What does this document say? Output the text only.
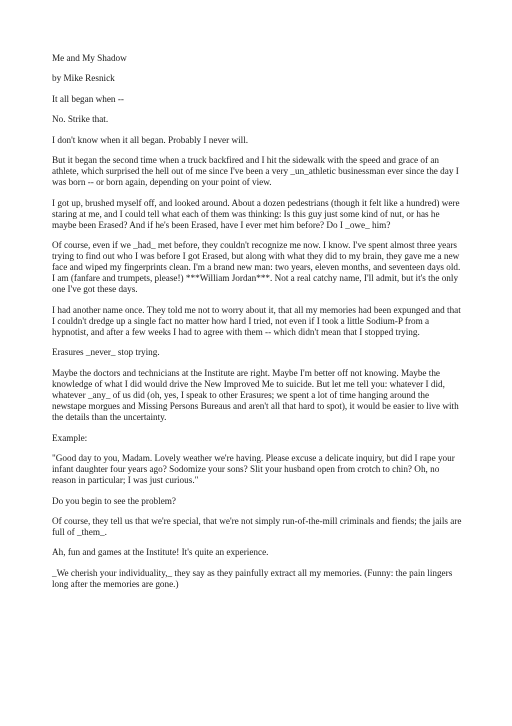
Me and My Shadow

by Mike Resnick

It all began when --

No. Strike that.

I don't know when it all began. Probably I never will.

But it began the second time when a truck backfired and I hit the sidewalk with the speed and grace of an athlete, which surprised the hell out of me since I've been a very _un_athletic businessman ever since the day I was born -- or born again, depending on your point of view.

I got up, brushed myself off, and looked around. About a dozen pedestrians (though it felt like a hundred) were staring at me, and I could tell what each of them was thinking: Is this guy just some kind of nut, or has he maybe been Erased? And if he's been Erased, have I ever met him before? Do I _owe_ him?

Of course, even if we _had_ met before, they couldn't recognize me now. I know. I've spent almost three years trying to find out who I was before I got Erased, but along with what they did to my brain, they gave me a new face and wiped my fingerprints clean. I'm a brand new man: two years, eleven months, and seventeen days old. I am (fanfare and trumpets, please!) ***William Jordan***. Not a real catchy name, I'll admit, but it's the only one I've got these days.

I had another name once. They told me not to worry about it, that all my memories had been expunged and that I couldn't dredge up a single fact no matter how hard I tried, not even if I took a little Sodium-P from a hypnotist, and after a few weeks I had to agree with them -- which didn't mean that I stopped trying.

Erasures _never_ stop trying.

Maybe the doctors and technicians at the Institute are right. Maybe I'm better off not knowing. Maybe the knowledge of what I did would drive the New Improved Me to suicide. But let me tell you: whatever I did, whatever _any_ of us did (oh, yes, I speak to other Erasures; we spent a lot of time hanging around the newstape morgues and Missing Persons Bureaus and aren't all that hard to spot), it would be easier to live with the details than the uncertainty.

Example:

"Good day to you, Madam. Lovely weather we're having. Please excuse a delicate inquiry, but did I rape your infant daughter four years ago? Sodomize your sons? Slit your husband open from crotch to chin? Oh, no reason in particular; I was just curious."

Do you begin to see the problem?

Of course, they tell us that we're special, that we're not simply run-of-the-mill criminals and fiends; the jails are full of _them_.

Ah, fun and games at the Institute! It's quite an experience.

_We cherish your individuality,_ they say as they painfully extract all my memories. (Funny: the pain lingers long after the memories are gone.)
